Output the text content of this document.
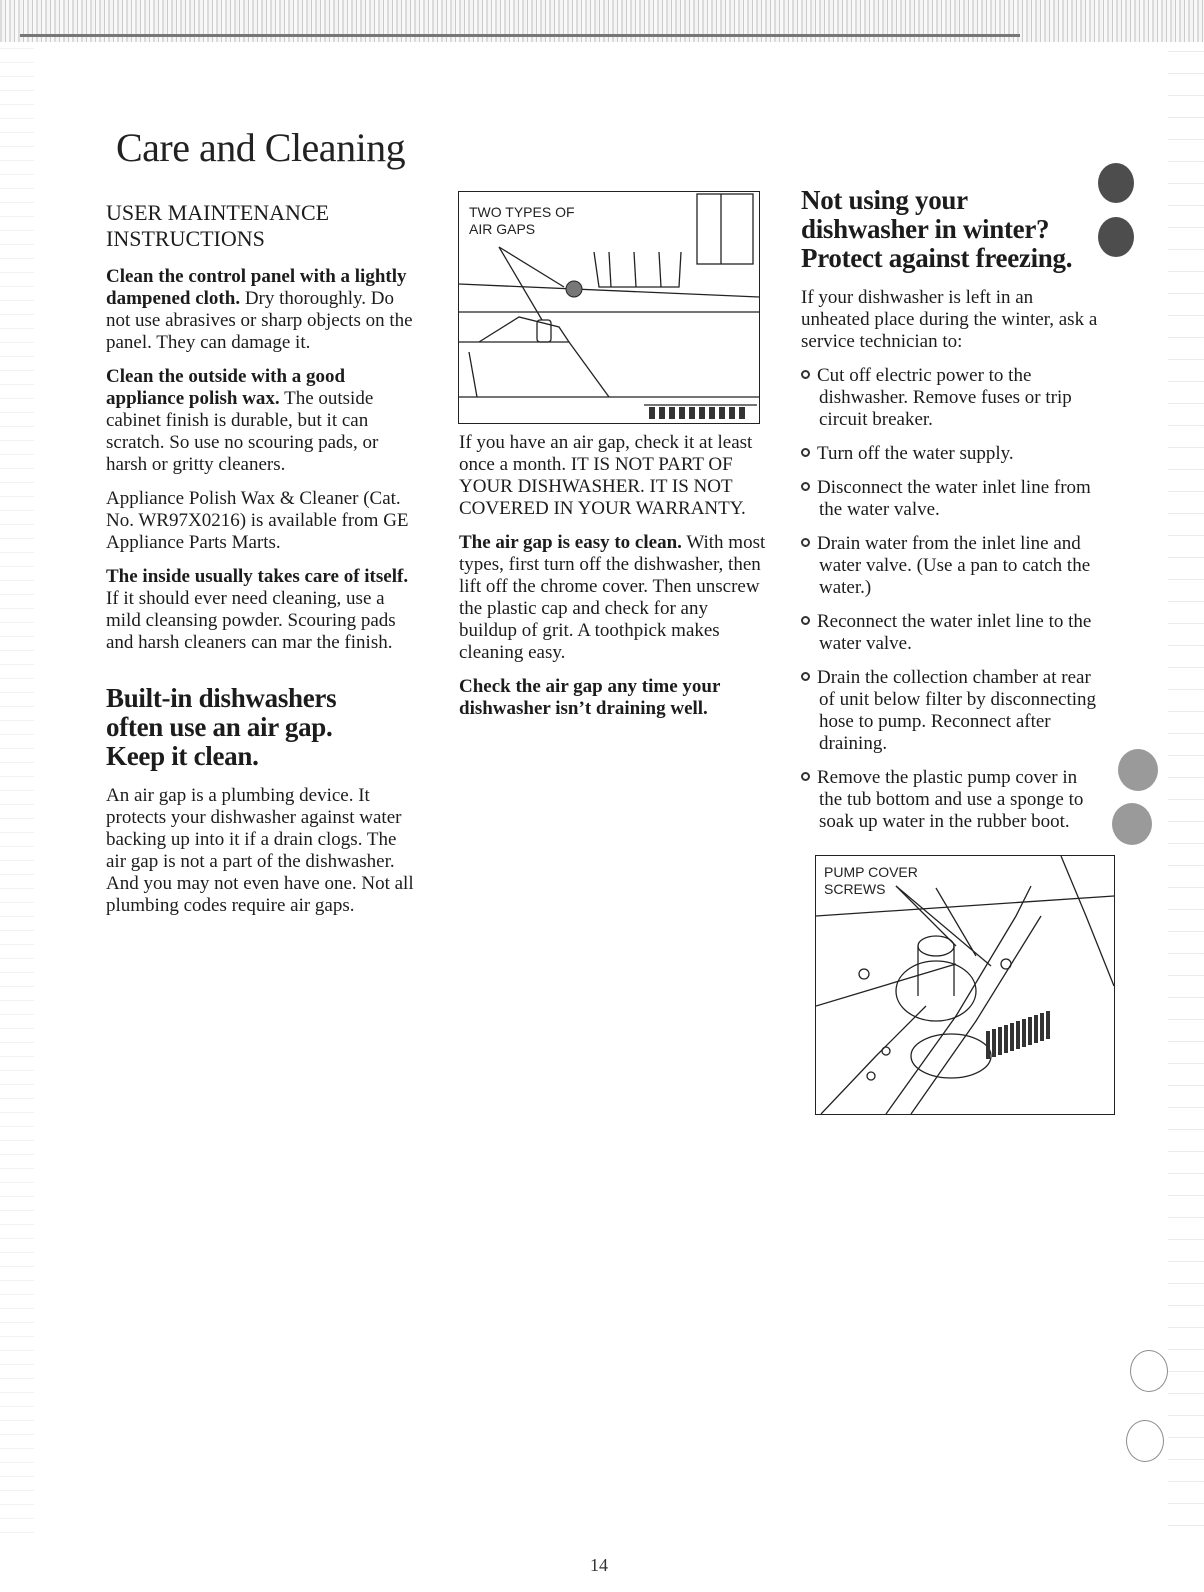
Care and Cleaning
USER MAINTENANCE INSTRUCTIONS

Clean the control panel with a lightly dampened cloth. Dry thoroughly. Do not use abrasives or sharp objects on the panel. They can damage it.

Clean the outside with a good appliance polish wax. The outside cabinet finish is durable, but it can scratch. So use no scouring pads, or harsh or gritty cleaners.

Appliance Polish Wax & Cleaner (Cat. No. WR97X0216) is available from GE Appliance Parts Marts.

The inside usually takes care of itself. If it should ever need cleaning, use a mild cleansing powder. Scouring pads and harsh cleaners can mar the finish.

Built-in dishwashers often use an air gap. Keep it clean.

An air gap is a plumbing device. It protects your dishwasher against water backing up into it if a drain clogs. The air gap is not a part of the dishwasher. And you may not even have one. Not all plumbing codes require air gaps.

TWO TYPES OF AIR GAPS

If you have an air gap, check it at least once a month. IT IS NOT PART OF YOUR DISHWASHER. IT IS NOT COVERED IN YOUR WARRANTY.

The air gap is easy to clean. With most types, first turn off the dishwasher, then lift off the chrome cover. Then unscrew the plastic cap and check for any buildup of grit. A toothpick makes cleaning easy.

Check the air gap any time your dishwasher isn’t draining well.

Not using your dishwasher in winter? Protect against freezing.

If your dishwasher is left in an unheated place during the winter, ask a service technician to:

Cut off electric power to the dishwasher. Remove fuses or trip circuit breaker.

Turn off the water supply.

Disconnect the water inlet line from the water valve.

Drain water from the inlet line and water valve. (Use a pan to catch the water.)

Reconnect the water inlet line to the water valve.

Drain the collection chamber at rear of unit below filter by disconnecting hose to pump. Reconnect after draining.

Remove the plastic pump cover in the tub bottom and use a sponge to soak up water in the rubber boot.

PUMP COVER SCREWS

14
